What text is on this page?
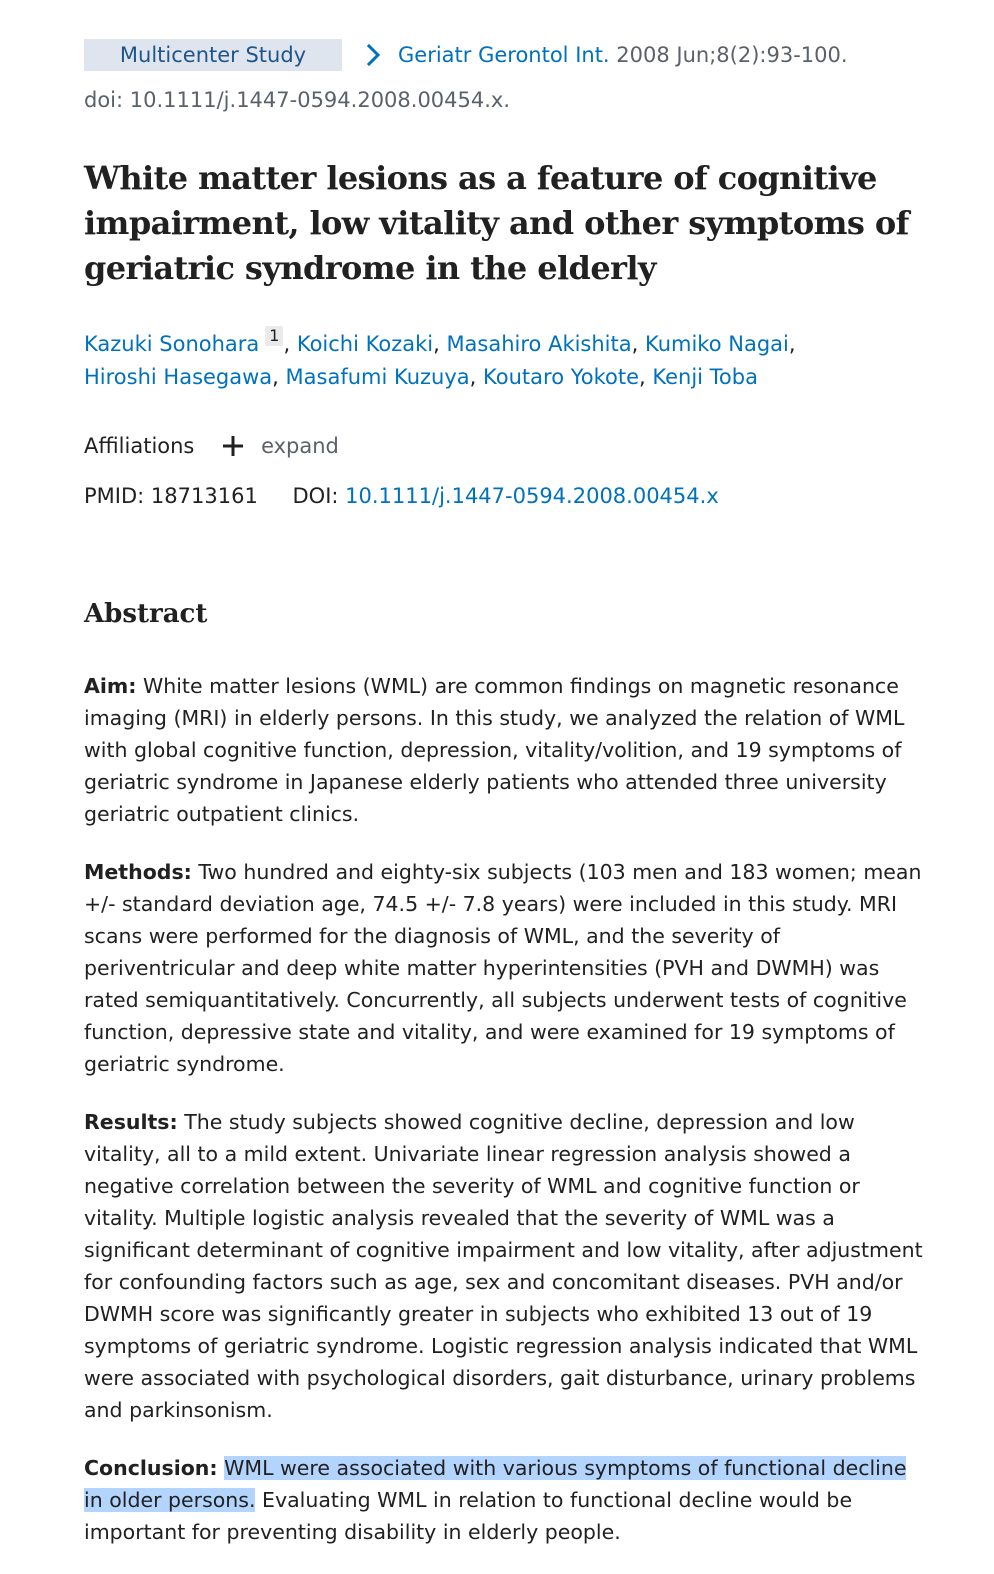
Multicenter Study	Geriatr Gerontol Int. 2008 Jun;8(2):93-100.
doi: 10.1111/j.1447-0594.2008.00454.x.
White matter lesions as a feature of cognitive impairment, low vitality and other symptoms of geriatric syndrome in the elderly
Kazuki Sonohara 1 , Koichi Kozaki, Masahiro Akishita, Kumiko Nagai,
Hiroshi Hasegawa, Masafumi Kuzuya, Koutaro Yokote, Kenji Toba
Affiliations	expand
PMID: 18713161 DOI: 10.1111/j.1447-0594.2008.00454.x
Abstract

Aim: White matter lesions (WML) are common findings on magnetic resonance imaging (MRI) in elderly persons. In this study, we analyzed the relation of WML with global cognitive function, depression, vitality/volition, and 19 symptoms of geriatric syndrome in Japanese elderly patients who attended three university geriatric outpatient clinics.

Methods: Two hundred and eighty-six subjects (103 men and 183 women; mean +/- standard deviation age, 74.5 +/- 7.8 years) were included in this study. MRI scans were performed for the diagnosis of WML, and the severity of periventricular and deep white matter hyperintensities (PVH and DWMH) was rated semiquantitatively. Concurrently, all subjects underwent tests of cognitive function, depressive state and vitality, and were examined for 19 symptoms of geriatric syndrome.

Results: The study subjects showed cognitive decline, depression and low vitality, all to a mild extent. Univariate linear regression analysis showed a negative correlation between the severity of WML and cognitive function or vitality. Multiple logistic analysis revealed that the severity of WML was a significant determinant of cognitive impairment and low vitality, after adjustment for confounding factors such as age, sex and concomitant diseases. PVH and/or DWMH score was significantly greater in subjects who exhibited 13 out of 19 symptoms of geriatric syndrome. Logistic regression analysis indicated that WML were associated with psychological disorders, gait disturbance, urinary problems and parkinsonism.

Conclusion: WML were associated with various symptoms of functional decline in older persons. Evaluating WML in relation to functional decline would be important for preventing disability in elderly people.
